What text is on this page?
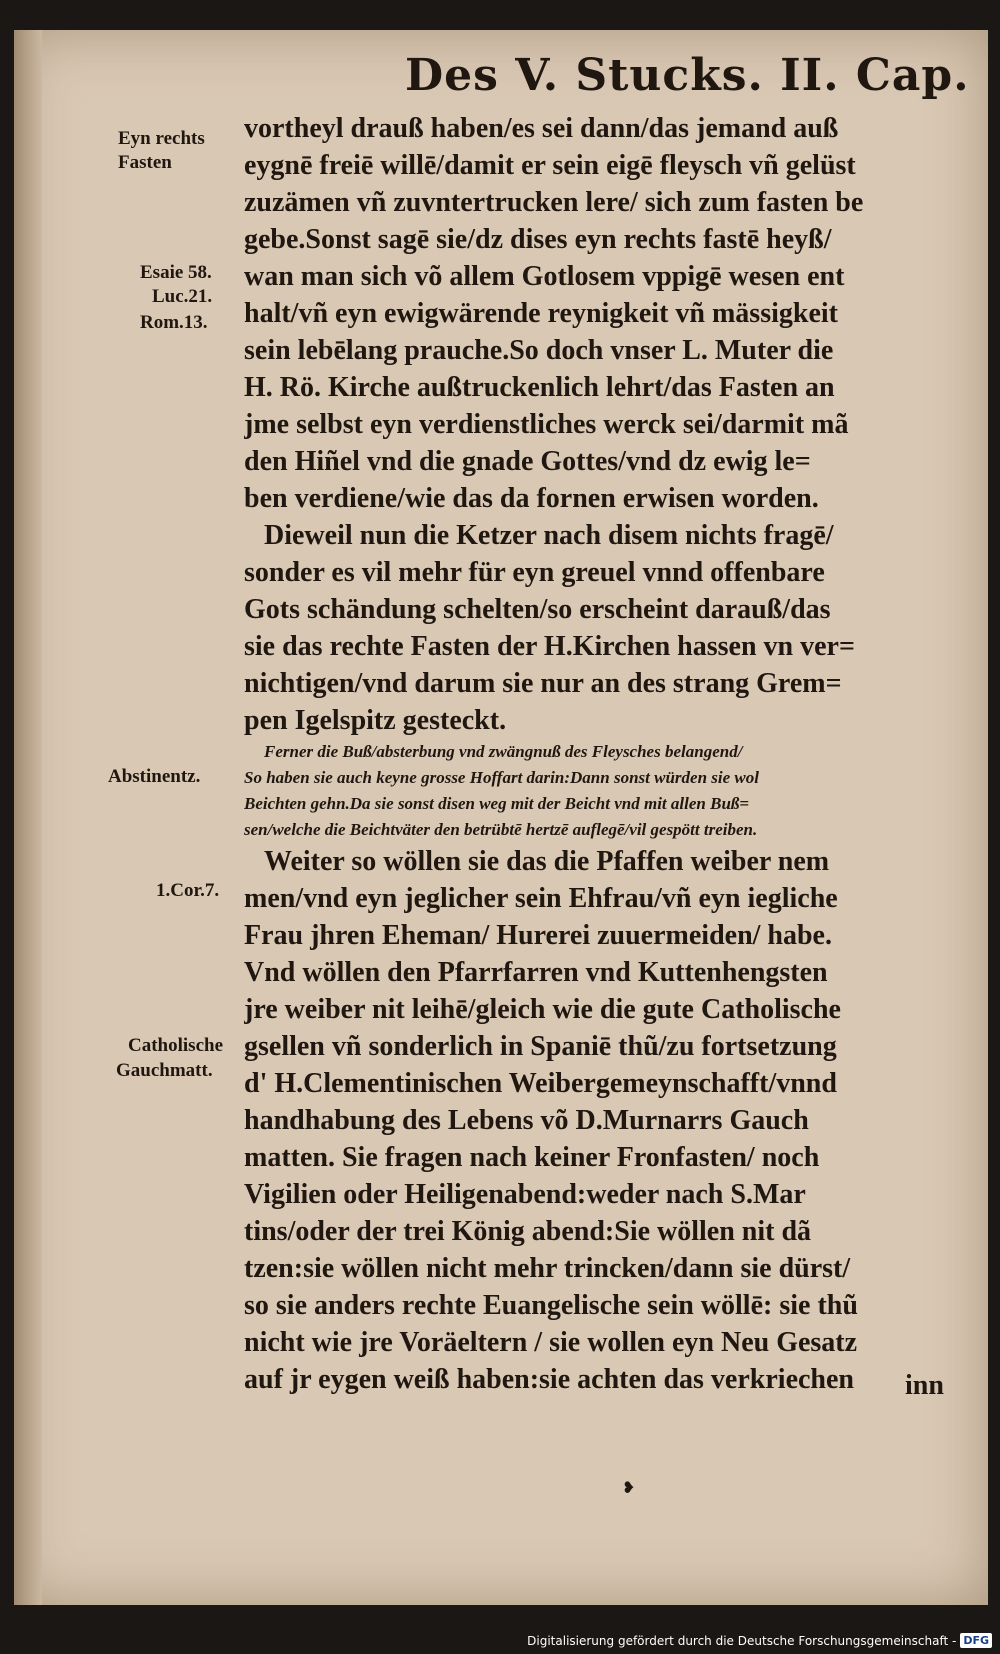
Des V. Stucks. II. Cap.
Eyn rechts
Fasten
Esaie 58.
Luc.21.
Rom.13.
Abstinentz.
1.Cor.7.
Catholische
Gauchmatt.
vortheyl drauß haben/es sei dann/das jemand auß
eygnē freiē willē/damit er sein eigē fleysch vñ gelüst
zuzämen vñ zuvntertrucken lere/ sich zum fasten be
gebe.Sonst sagē sie/dz dises eyn rechts fastē heyß/
wan man sich võ allem Gotlosem vppigē wesen ent
halt/vñ eyn ewigwärende reynigkeit vñ mässigkeit
sein lebēlang prauche.So doch vnser L. Muter die
H. Rö. Kirche außtruckenlich lehrt/das Fasten an
jme selbst eyn verdienstliches werck sei/darmit mã
den Hiñel vnd die gnade Gottes/vnd dz ewig le=
ben verdiene/wie das da fornen erwisen worden.
Dieweil nun die Ketzer nach disem nichts fragē/
sonder es vil mehr für eyn greuel vnnd offenbare
Gots schändung schelten/so erscheint darauß/das
sie das rechte Fasten der H.Kirchen hassen vn ver=
nichtigen/vnd darum sie nur an des strang Grem=
pen Igelspitz gesteckt.
Ferner die Buß/absterbung vnd zwängnuß des Fleysches belangend/
So haben sie auch keyne grosse Hoffart darin:Dann sonst würden sie wol
Beichten gehn.Da sie sonst disen weg mit der Beicht vnd mit allen Buß=
sen/welche die Beichtväter den betrübtē hertzē auflegē/vil gespött treiben.
Weiter so wöllen sie das die Pfaffen weiber nem
men/vnd eyn jeglicher sein Ehfrau/vñ eyn iegliche
Frau jhren Eheman/ Hurerei zuuermeiden/ habe.
Vnd wöllen den Pfarrfarren vnd Kuttenhengsten
jre weiber nit leihē/gleich wie die gute Catholische
gsellen vñ sonderlich in Spaniē thũ/zu fortsetzung
d' H.Clementinischen Weibergemeynschafft/vnnd
handhabung des Lebens võ D.Murnarrs Gauch
matten. Sie fragen nach keiner Fronfasten/ noch
Vigilien oder Heiligenabend:weder nach S.Mar
tins/oder der trei König abend:Sie wöllen nit dã
tzen:sie wöllen nicht mehr trincken/dann sie dürst/
so sie anders rechte Euangelische sein wöllē: sie thũ
nicht wie jre Voräeltern / sie wollen eyn Neu Gesatz
auf jr eygen weiß haben:sie achten das verkriechen	inn
❥
Digitalisierung gefördert durch die Deutsche Forschungsgemeinschaft - DFG
